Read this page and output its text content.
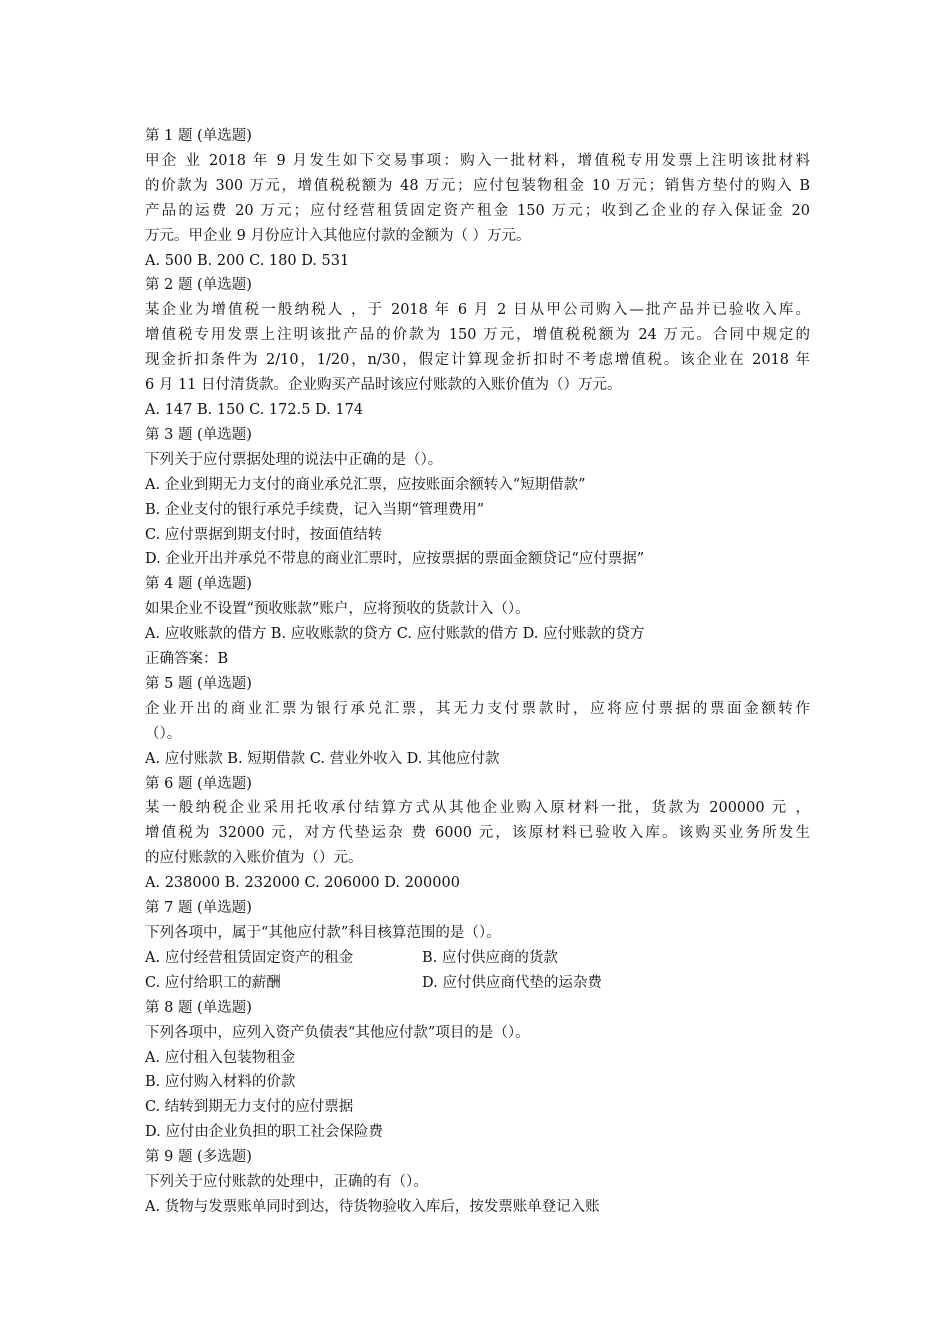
第 1 题 (单选题)
甲企 业 2018 年 9 月发生如下交易事项：购入一批材料，增值税专用发票上注明该批材料
的价款为 300 万元，增值税税额为 48 万元；应付包装物租金 10 万元；销售方垫付的购入 B
产品的运费 20 万元；应付经营租赁固定资产租金 150 万元；收到乙企业的存入保证金 20
万元。甲企业 9 月份应计入其他应付款的金额为（ ）万元。
A. 500 B. 200 C. 180 D. 531
第 2 题 (单选题)
某企业为增值税一般纳税人 ，于 2018 年 6 月 2 日从甲公司购入—批产品并已验收入库。
增值税专用发票上注明该批产品的价款为 150 万元，增值税税额为 24 万元。合同中规定的
现金折扣条件为 2/10，1/20，n/30，假定计算现金折扣时不考虑增值税。该企业在 2018 年
6 月 11 日付清货款。企业购买产品时该应付账款的入账价值为（）万元。
A. 147 B. 150 C. 172.5 D. 174
第 3 题 (单选题)
下列关于应付票据处理的说法中正确的是（）。
A. 企业到期无力支付的商业承兑汇票，应按账面余额转入“短期借款”
B. 企业支付的银行承兑手续费，记入当期“管理费用”
C. 应付票据到期支付时，按面值结转
D. 企业开出并承兑不带息的商业汇票时，应按票据的票面金额贷记“应付票据”
第 4 题 (单选题)
如果企业不设置“预收账款”账户，应将预收的货款计入（）。
A. 应收账款的借方 B. 应收账款的贷方 C. 应付账款的借方 D. 应付账款的贷方
正确答案：B
第 5 题 (单选题)
企业开出的商业汇票为银行承兑汇票，其无力支付票款时，应将应付票据的票面金额转作
（）。
A. 应付账款 B. 短期借款 C. 营业外收入 D. 其他应付款
第 6 题 (单选题)
某一般纳税企业采用托收承付结算方式从其他企业购入原材料一批，货款为 200000 元 ，
增值税为 32000 元，对方代垫运杂 费 6000 元，该原材料已验收入库。该购买业务所发生
的应付账款的入账价值为（）元。
A. 238000 B. 232000 C. 206000 D. 200000
第 7 题 (单选题)
下列各项中，属于“其他应付款”科目核算范围的是（）。
A. 应付经营租赁固定资产的租金	B. 应付供应商的货款
C. 应付给职工的薪酬	D. 应付供应商代垫的运杂费
第 8 题 (单选题)
下列各项中，应列入资产负债表“其他应付款”项目的是（）。
A. 应付租入包装物租金
B. 应付购入材料的价款
C. 结转到期无力支付的应付票据
D. 应付由企业负担的职工社会保险费
第 9 题 (多选题)
下列关于应付账款的处理中，正确的有（）。
A. 货物与发票账单同时到达，待货物验收入库后，按发票账单登记入账
